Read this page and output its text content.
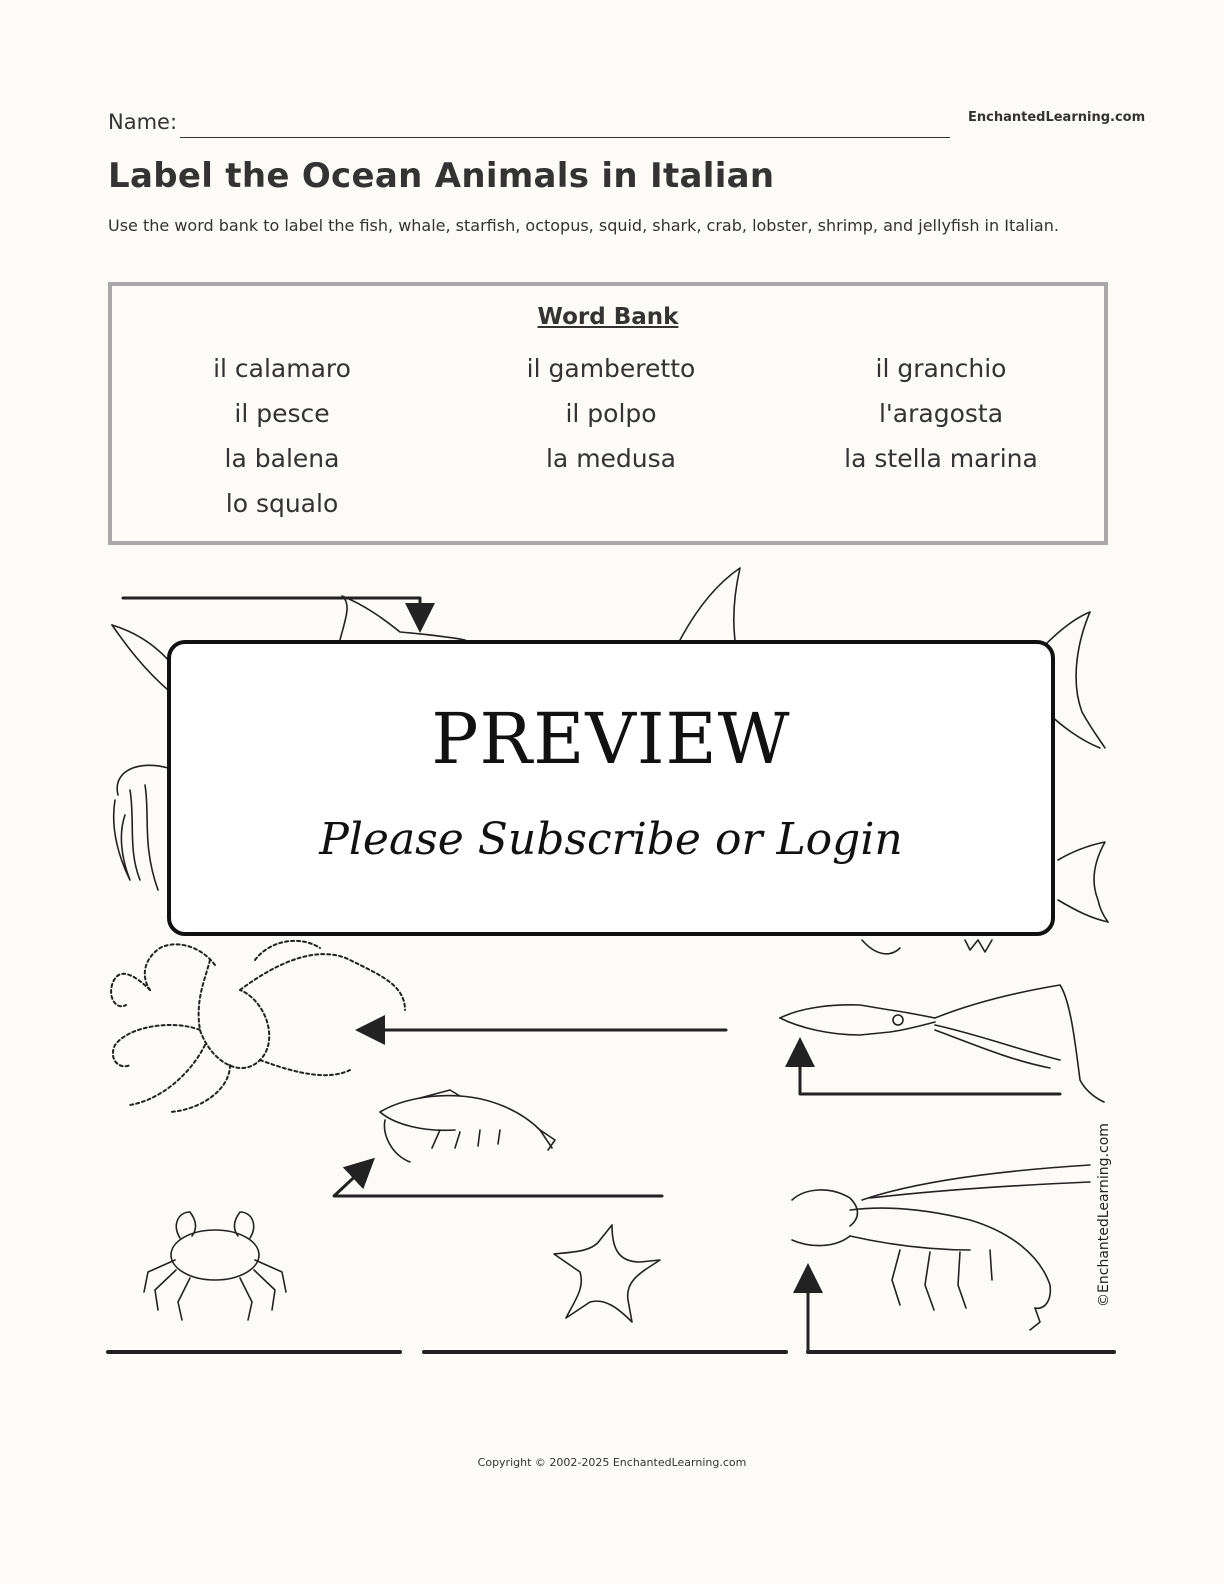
Name:	EnchantedLearning.com
Label the Ocean Animals in Italian
Use the word bank to label the fish, whale, starfish, octopus, squid, shark, crab, lobster, shrimp, and jellyfish in Italian.
Word Bank
il calamaro
il pesce
la balena
lo squalo
il gamberetto
il polpo
la medusa
il granchio
l'aragosta
la stella marina
PREVIEW
Please Subscribe or Login
©EnchantedLearning.com
Copyright © 2002-2025 EnchantedLearning.com
